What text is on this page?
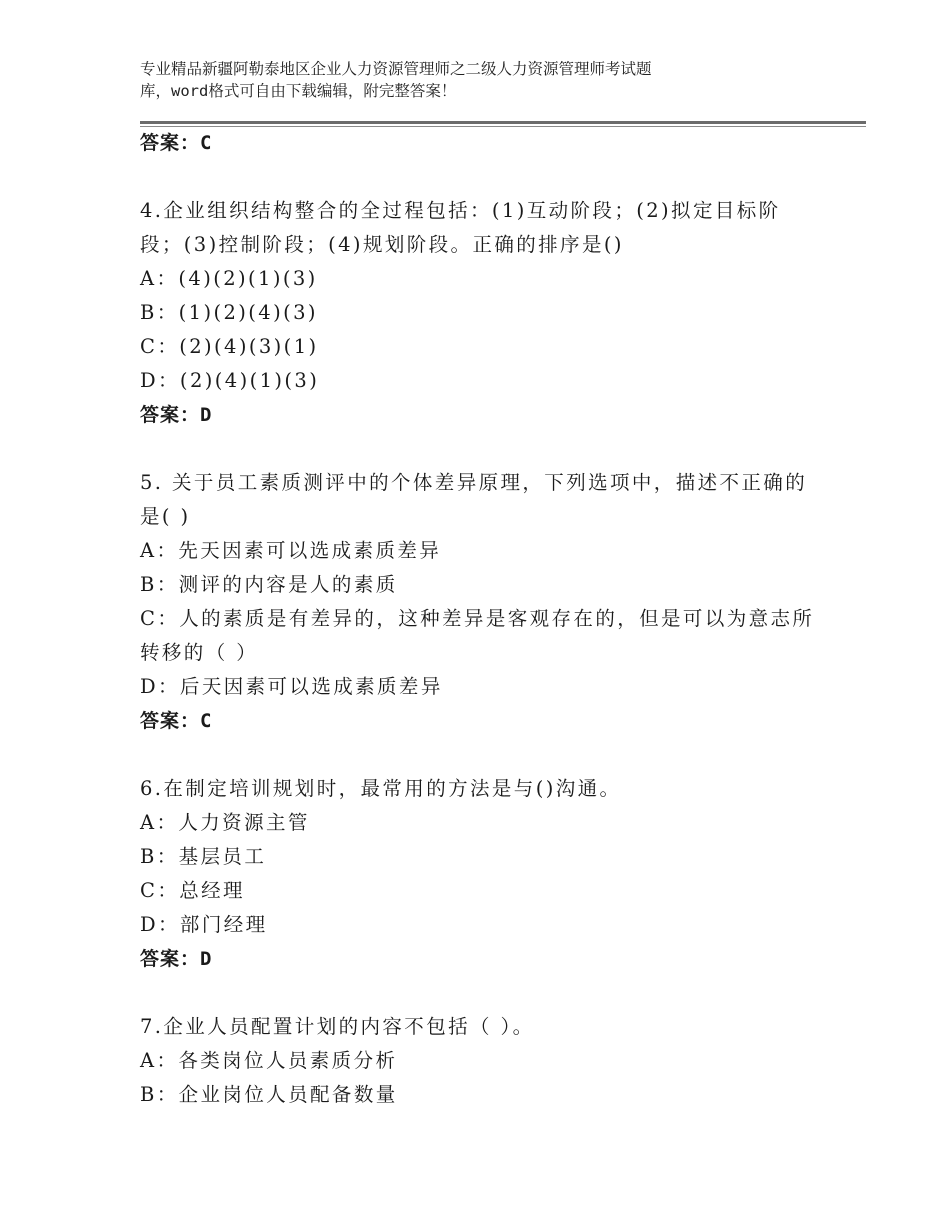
专业精品新疆阿勒泰地区企业人力资源管理师之二级人力资源管理师考试题
库，word格式可自由下载编辑，附完整答案！
答案：C
4.企业组织结构整合的全过程包括：(1)互动阶段；(2)拟定目标阶
段；(3)控制阶段；(4)规划阶段。正确的排序是()
A：(4)(2)(1)(3)
B：(1)(2)(4)(3)
C：(2)(4)(3)(1)
D：(2)(4)(1)(3)
答案：D
5. 关于员工素质测评中的个体差异原理，下列选项中，描述不正确的
是( )
A：先天因素可以选成素质差异
B：测评的内容是人的素质
C：人的素质是有差异的，这种差异是客观存在的，但是可以为意志所
转移的（ ）
D：后天因素可以选成素质差异
答案：C
6.在制定培训规划时，最常用的方法是与()沟通。
A：人力资源主管
B：基层员工
C：总经理
D：部门经理
答案：D
7.企业人员配置计划的内容不包括（ ）。
A：各类岗位人员素质分析
B：企业岗位人员配备数量
